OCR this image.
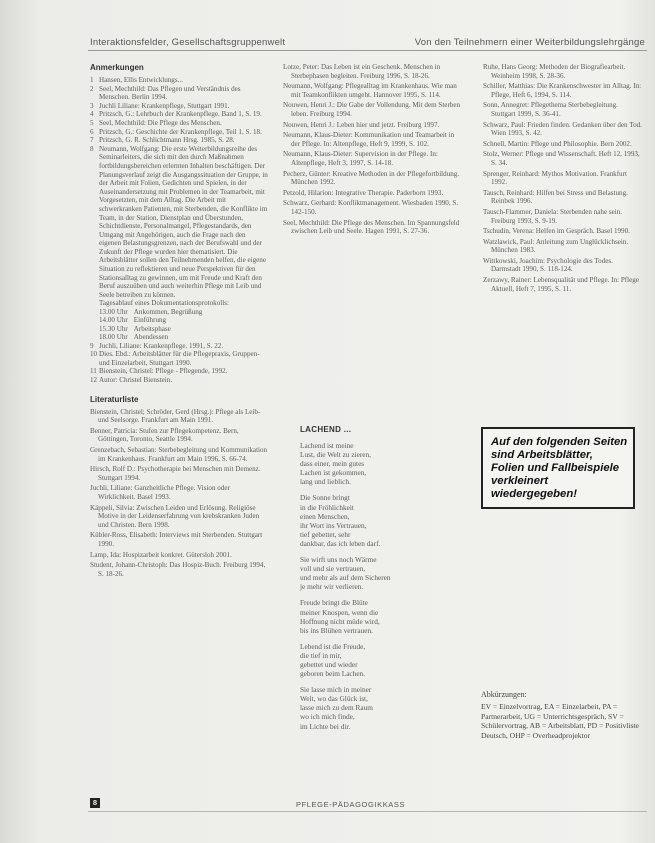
Interaktionsfelder, Gesellschaftsgruppenwelt	Von den Teilnehmern einer Weiterbildungslehrgänge
Anmerkungen
1 Hansen, Ellis Entwicklungs...
2 Seel, Mechthild: Das Pflegen und Verständnis des Menschen. Berlin 1994.
3 Juchli Liliane: Krankenpflege, Stuttgart 1991.
4 Pritzsch, G.: Lehrbuch der Krankenpflege. Band 1, S. 19.
5 Seel, Mechthild: Die Pflege des Menschen.
6 Pritzsch, G.: Geschichte der Krankenpflege, Teil 1, S. 18.
7 Pritzsch, G. R. Schlichtmann Hrsg. 1985, S. 28.
8 Neumann, Wolfgang: Die erste Weiterbildungsreihe des Seminarleiters, die sich mit den durch Maßnahmen fortbildungsbereichen erlernten Inhalten beschäftigen. Der Planungsverlauf zeigt die Ausgangssituation der Gruppe, in der Arbeit mit Folien, Gedichten und Spielen, in der Auseinandersetzung mit Problemen in der Teamarbeit, mit Vorgesetzten, mit dem Alltag. Die Arbeit mit schwerkranken Patienten, mit Sterbenden, die Konflikte im Team, in der Station, Dienstplan und Überstunden, Schichtdienste, Personalmangel, Pflegestandards, den Umgang mit Angehörigen, auch die Frage nach den eigenen Belastungsgrenzen, nach der Berufswahl und der Zukunft der Pflege wurden hier thematisiert. Die Arbeitsblätter sollen den Teilnehmenden helfen, die eigene Situation zu reflektieren und neue Perspektiven für den Stationsalltag zu gewinnen, um mit Freude und Kraft den Beruf auszuüben und auch weiterhin Pflege mit Leib und Seele betreiben zu können.
Tagesablauf eines Dokumentationsprotokolls:
13.00 Uhr	Ankommen, Begrüßung
14.00 Uhr	Einführung
15.30 Uhr	Arbeitsphase
18.00 Uhr	Abendessen
9 Juchli, Liliane: Krankenpflege. 1991, S. 22.
10 Dies. Ebd.: Arbeitsblätter für die Pflegepraxis, Gruppen- und Einzelarbeit, Stuttgart 1990.
11 Bienstein, Christel: Pflege - Pflegende, 1992.
12 Autor: Christel Bienstein.
Literaturliste
Bienstein, Christel; Schröder, Gerd (Hrsg.): Pflege als Leib- und Seelsorge. Frankfurt am Main 1991.
Benner, Patricia: Stufen zur Pflegekompetenz. Bern, Göttingen, Toronto, Seattle 1994.
Grenzebach, Sebastian: Sterbebegleitung und Kommunikation im Krankenhaus. Frankfurt am Main 1996, S. 66-74.
Hirsch, Rolf D.: Psychotherapie bei Menschen mit Demenz. Stuttgart 1994.
Juchli, Liliane: Ganzheitliche Pflege. Vision oder Wirklichkeit. Basel 1993.
Käppeli, Silvia: Zwischen Leiden und Erlösung. Religiöse Motive in der Leidenserfahrung von krebskranken Juden und Christen. Bern 1998.
Kübler-Ross, Elisabeth: Interviews mit Sterbenden. Stuttgart 1990.
Lamp, Ida: Hospizarbeit konkret. Gütersloh 2001.
Student, Johann-Christoph: Das Hospiz-Buch. Freiburg 1994, S. 18-26.
Lotze, Peter: Das Leben ist ein Geschenk. Menschen in Sterbephasen begleiten. Freiburg 1996, S. 18-26.
Neumann, Wolfgang: Pflegealltag im Krankenhaus. Wie man mit Teamkonflikten umgeht. Hannover 1995, S. 114.
Nouwen, Henri J.: Die Gabe der Vollendung. Mit dem Sterben leben. Freiburg 1994.
Nouwen, Henri J.: Leben hier und jetzt. Freiburg 1997.
Neumann, Klaus-Dieter: Kommunikation und Teamarbeit in der Pflege. In: Altenpflege, Heft 9, 1999, S. 102.
Neumann, Klaus-Dieter: Supervision in der Pflege. In: Altenpflege, Heft 3, 1997, S. 14-18.
Pecherz, Günter: Kreative Methoden in der Pflegefortbildung. München 1992.
Petzold, Hilarion: Integrative Therapie. Paderborn 1993.
Schwarz, Gerhard: Konfliktmanagement. Wiesbaden 1990, S. 142-150.
Seel, Mechthild: Die Pflege des Menschen. Im Spannungsfeld zwischen Leib und Seele. Hagen 1991, S. 27-36.
LACHEND ...
Lachend ist meine
Lust, die Welt zu zieren,
dass einer, mein gutes
Lachen ist gekommen,
lang und lieblich.
Die Sonne bringt
in die Fröhlichkeit
einen Menschen,
ihr Wort ins Vertrauen,
tief gebettet, sehr
dankbar, das ich leben darf.
Sie wirft uns noch Wärme
voll und sie vertrauen,
und mehr als auf dem Sicheren
je mehr wir verlieren.
Freude bringt die Blüte
meiner Knospen, wenn die
Hoffnung nicht müde wird,
bis ins Blühen vertrauen.
Lebend ist die Freude,
die tief in mir,
gebettet und wieder
geboren beim Lachen.
Sie lasse mich in meiner
Welt, wo das Glück ist,
lasse mich zu dem Raum
wo ich mich finde,
im Lichte bei dir.
Ruhe, Hans Georg: Methoden der Biografiearbeit. Weinheim 1998, S. 28-36.
Schiller, Matthias: Die Krankenschwester im Alltag. In: Pflege, Heft 6, 1994, S. 114.
Sonn, Annegret: Pflegethema Sterbebegleitung. Stuttgart 1999, S. 36-41.
Schwarz, Paul: Frieden finden. Gedanken über den Tod. Wien 1993, S. 42.
Schnell, Martin: Pflege und Philosophie. Bern 2002.
Stolz, Werner: Pflege und Wissenschaft. Heft 12, 1993, S. 34.
Sprenger, Reinhard: Mythos Motivation. Frankfurt 1992.
Tausch, Reinhard: Hilfen bei Stress und Belastung. Reinbek 1996.
Tausch-Flammer, Daniela: Sterbenden nahe sein. Freiburg 1993, S. 9-19.
Tschudin, Verena: Helfen im Gespräch. Basel 1990.
Watzlawick, Paul: Anleitung zum Unglücklichsein. München 1983.
Wittkowski, Joachim: Psychologie des Todes. Darmstadt 1990, S. 118-124.
Zerzawy, Rainer: Lebensqualität und Pflege. In: Pflege Aktuell, Heft 7, 1995, S. 11.
Auf den folgenden Seiten sind Arbeitsblätter, Folien und Fallbeispiele verkleinert wiedergegeben!
Abkürzungen:
EV = Einzelvortrag, EA = Einzelarbeit, PA = Partnerarbeit, UG = Unterrichtsgespräch, SV = Schülervortrag, AB = Arbeitsblatt, PD = Positivliste Deutsch, OHP = Overheadprojektor
8	PFLEGE-PÄDAGOGIKKASS
